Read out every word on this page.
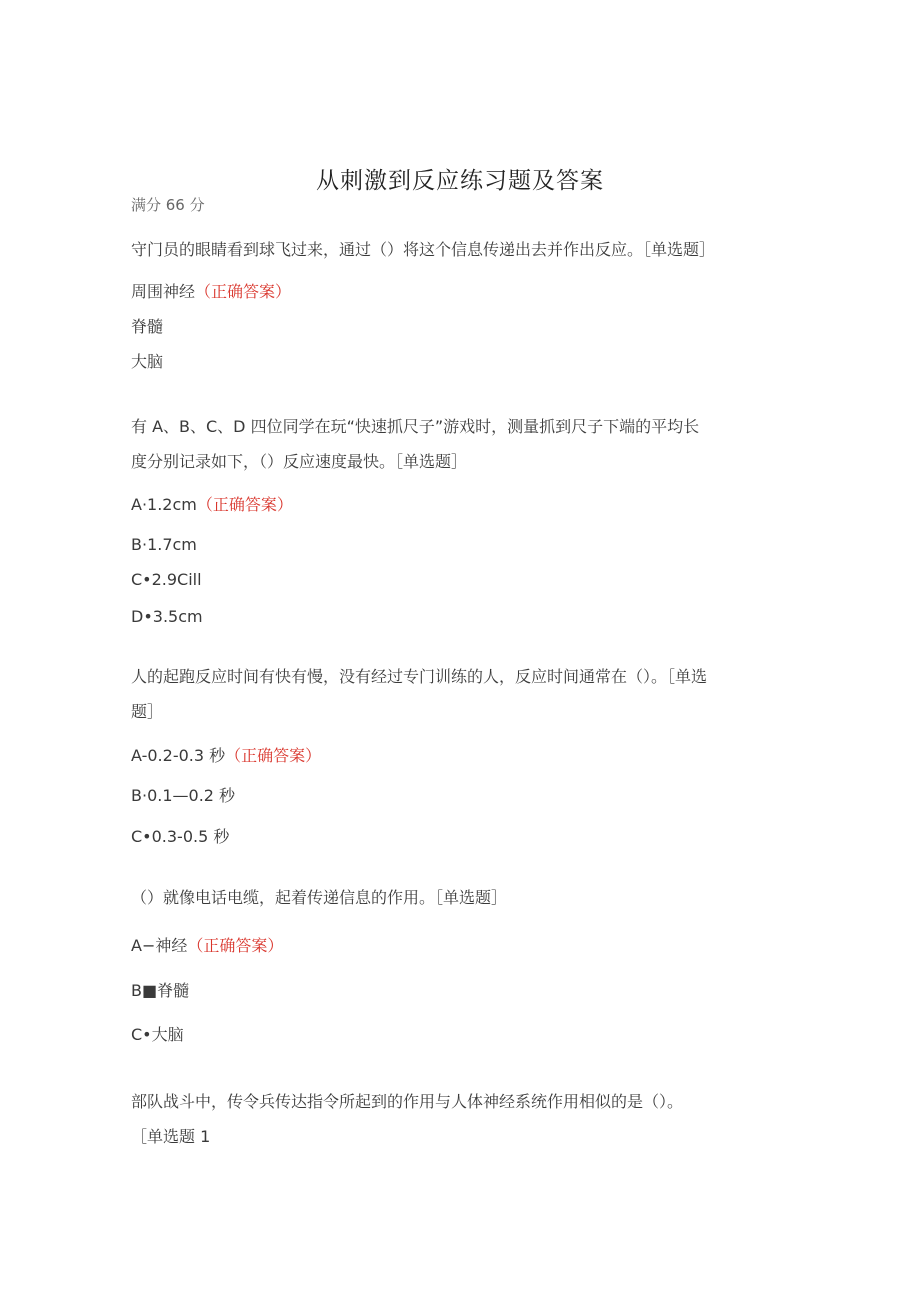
从刺激到反应练习题及答案
满分 66 分
守门员的眼睛看到球飞过来，通过（）将这个信息传递出去并作出反应。［单选题］
周围神经（正确答案）
脊髓
大脑
有 A、B、C、D 四位同学在玩“快速抓尺子”游戏时，测量抓到尺子下端的平均长
度分别记录如下，（）反应速度最快。［单选题］
A·1.2cm（正确答案）
B·1.7cm
C•2.9Cill
D•3.5cm
人的起跑反应时间有快有慢，没有经过专门训练的人，反应时间通常在（）。［单选
题］
A-0.2-0.3 秒（正确答案）
B·0.1—0.2 秒
C•0.3-0.5 秒
（）就像电话电缆，起着传递信息的作用。［单选题］
A−神经（正确答案）
B■脊髓
C•大脑
部队战斗中，传令兵传达指令所起到的作用与人体神经系统作用相似的是（）。
［单选题 1
